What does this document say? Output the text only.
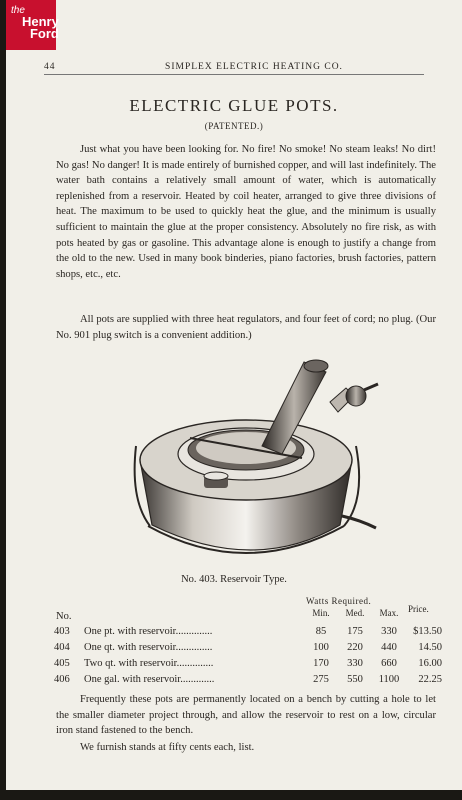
the
Henry
Ford
44	SIMPLEX ELECTRIC HEATING CO.
ELECTRIC GLUE POTS.
(PATENTED.)

Just what you have been looking for. No fire! No smoke! No steam leaks! No dirt! No gas! No danger! It is made entirely of burnished copper, and will last indefinitely. The water bath contains a relatively small amount of water, which is automatically replenished from a reservoir. Heated by coil heater, arranged to give three divisions of heat. The maximum to be used to quickly heat the glue, and the minimum is usually sufficient to maintain the glue at the proper consistency. Absolutely no fire risk, as with pots heated by gas or gasoline. This advantage alone is enough to justify a change from the old to the new. Used in many book binderies, piano factories, brush factories, pattern shops, etc., etc.

All pots are supplied with three heat regulators, and four feet of cord; no plug. (Our No. 901 plug switch is a convenient addition.)

No. 403. Reservoir Type.
Watts Required.
Price.
Min.	Med.	Max.
No.
403 One pt. with reservoir..............	85	175	330	$13.50
404 One qt. with reservoir..............	100	220	440	14.50
405 Two qt. with reservoir..............	170	330	660	16.00
406 One gal. with reservoir.............	275	550	1100	22.25

Frequently these pots are permanently located on a bench by cutting a hole to let the smaller diameter project through, and allow the reservoir to rest on a low, circular iron stand fastened to the bench.

We furnish stands at fifty cents each, list.
